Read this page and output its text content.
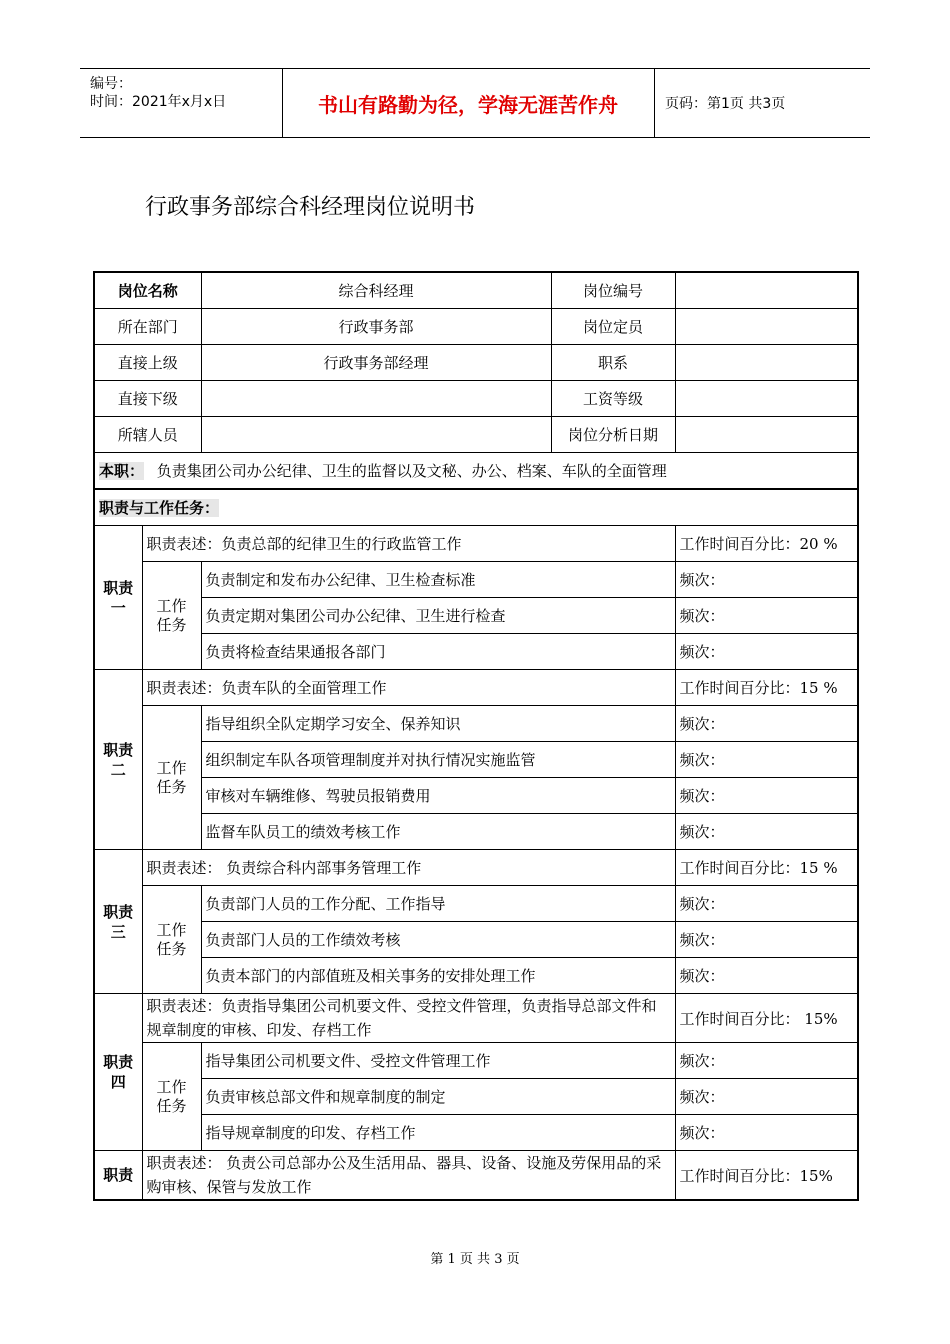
编号：
时间：2021年x月x日	书山有路勤为径，学海无涯苦作舟	页码：第1页 共3页
行政事务部综合科经理岗位说明书
岗位名称		综合科经理	岗位编号	
所在部门		行政事务部	岗位定员	
直接上级		行政事务部经理	职系	
直接下级			工资等级	
所辖人员			岗位分析日期	
本职： 负责集团公司办公纪律、卫生的监督以及文秘、办公、档案、车队的全面管理				
职责与工作任务：				
职责一	职责表述：负责总部的纪律卫生的行政监管工作			工作时间百分比：20 %
	工作任务	负责制定和发布办公纪律、卫生检查标准		频次：
		负责定期对集团公司办公纪律、卫生进行检查		频次：
		负责将检查结果通报各部门		频次：
职责二	职责表述：负责车队的全面管理工作			工作时间百分比：15 %
	工作任务	指导组织全队定期学习安全、保养知识		频次：
		组织制定车队各项管理制度并对执行情况实施监管		频次：
		审核对车辆维修、驾驶员报销费用		频次：
		监督车队员工的绩效考核工作		频次：
职责三	职责表述： 负责综合科内部事务管理工作			工作时间百分比：15 %
	工作任务	负责部门人员的工作分配、工作指导		频次：
		负责部门人员的工作绩效考核		频次：
		负责本部门的内部值班及相关事务的安排处理工作		频次：
职责四	职责表述：负责指导集团公司机要文件、受控文件管理，负责指导总部文件和规章制度的审核、印发、存档工作			工作时间百分比： 15%
	工作任务	指导集团公司机要文件、受控文件管理工作		频次：
		负责审核总部文件和规章制度的制定		频次：
		指导规章制度的印发、存档工作		频次：
职责	职责表述： 负责公司总部办公及生活用品、器具、设备、设施及劳保用品的采购审核、保管与发放工作			工作时间百分比：15%
第 1 页 共 3 页
